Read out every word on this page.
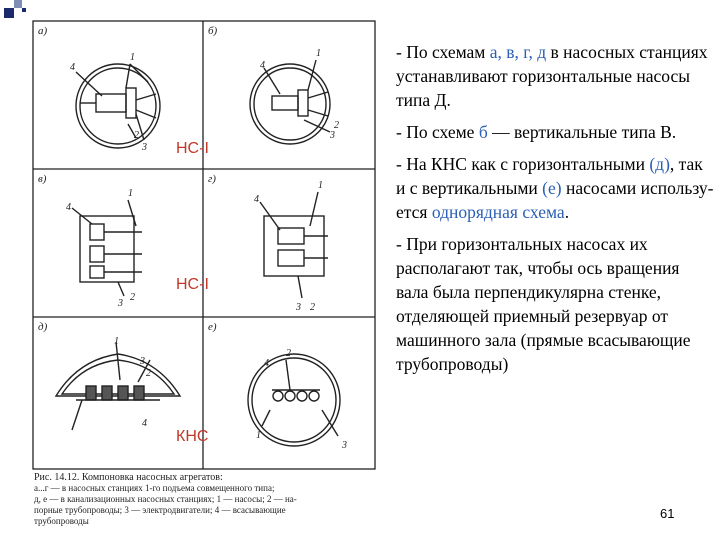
а)	б)
в)	г)
д)	е)
1
4
3
2
1
4
3
2
1
4
3
2
1
4
3 2
1
3
2
4
2
4
1
3
НС-I
НС-I
КНС
Рис. 14.12. Компоновка насосных агрегатов:
а...г — в насосных станциях 1-го подъема совмещенного типа;
д, е — в канализационных насосных станциях; 1 — насосы; 2 — на-
порные трубопроводы; 3 — электродвигатели; 4 — всасывающие
трубопроводы

- По схемам а, в, г, д в насосных станциях устанавливают горизонтальные насосы типа Д.

- По схеме б — вертикальные типа В.

- На КНС как с горизонтальными (д), так и с вертикальными (е) насосами используется однорядная схема.

- При горизонтальных насосах их располагают так, чтобы ось вращения вала была перпендикулярна стенке, отделяющей приемный резервуар от машинного зала (прямые всасывающие трубопроводы)

61
